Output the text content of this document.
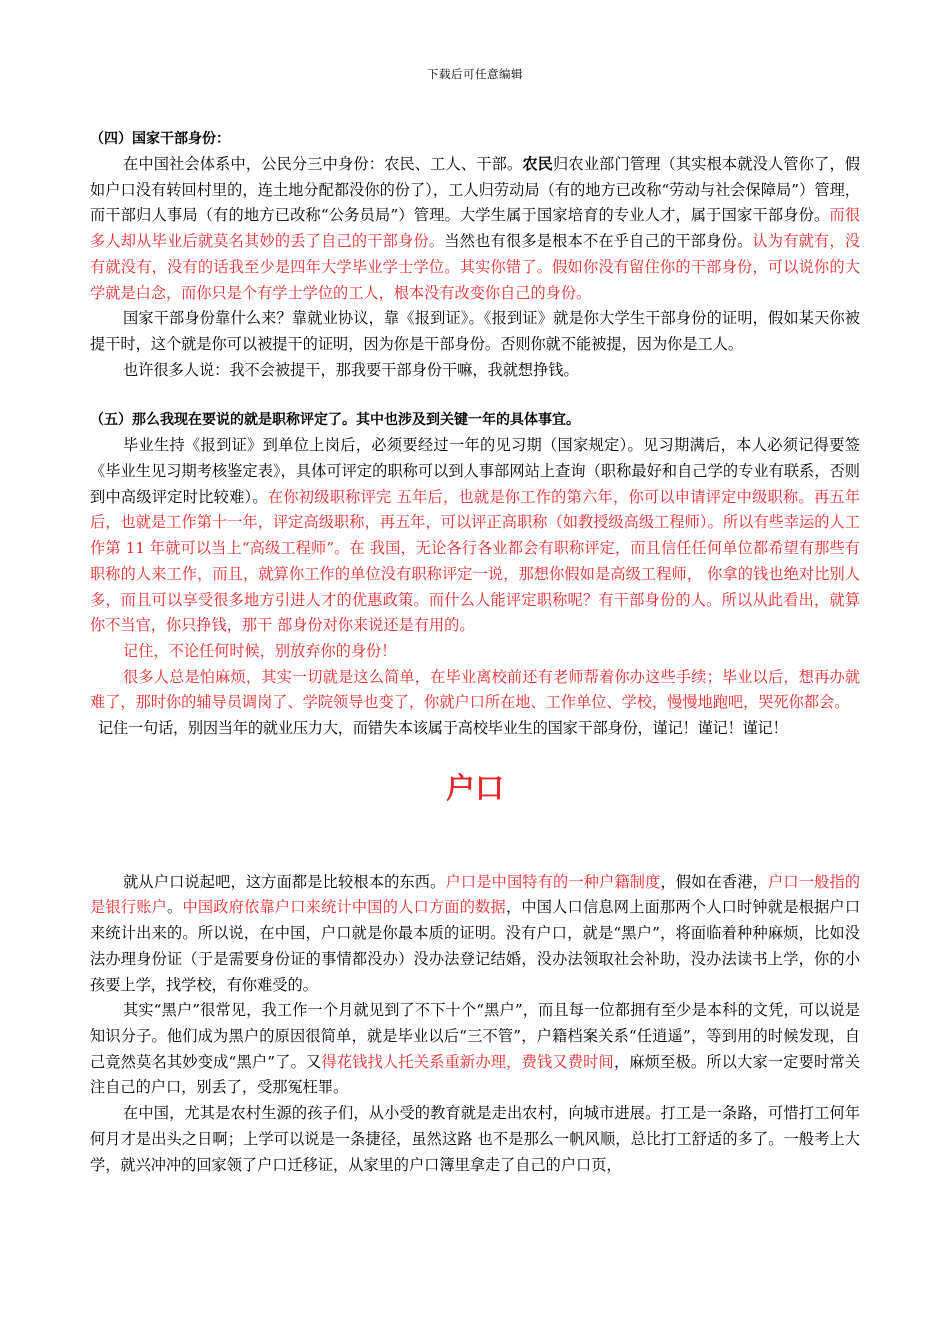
下载后可任意编辑
（四）国家干部身份：

在中国社会体系中，公民分三中身份：农民、工人、干部。农民归农业部门管理（其实根本就没人管你了，假如户口没有转回村里的，连土地分配都没你的份了），工人归劳动局（有的地方已改称“劳动与社会保障局”）管理，而干部归人事局（有的地方已改称“公务员局”）管理。大学生属于国家培育的专业人才，属于国家干部身份。而很多人却从毕业后就莫名其妙的丢了自己的干部身份。当然也有很多是根本不在乎自己的干部身份。认为有就有，没有就没有，没有的话我至少是四年大学毕业学士学位。其实你错了。假如你没有留住你的干部身份，可以说你的大学就是白念，而你只是个有学士学位的工人，根本没有改变你自己的身份。

国家干部身份靠什么来？靠就业协议，靠《报到证》。《报到证》就是你大学生干部身份的证明，假如某天你被提干时，这个就是你可以被提干的证明，因为你是干部身份。否则你就不能被提，因为你是工人。

也许很多人说：我不会被提干，那我要干部身份干嘛，我就想挣钱。

（五）那么我现在要说的就是职称评定了。其中也涉及到关键一年的具体事宜。

毕业生持《报到证》到单位上岗后，必须要经过一年的见习期（国家规定）。见习期满后，本人必须记得要签《毕业生见习期考核鉴定表》，具体可评定的职称可以到人事部网站上查询（职称最好和自己学的专业有联系，否则到中高级评定时比较难）。在你初级职称评完 五年后，也就是你工作的第六年，你可以申请评定中级职称。再五年后，也就是工作第十一年，评定高级职称，再五年，可以评正高职称（如教授级高级工程师）。所以有些幸运的人工作第 11 年就可以当上“高级工程师”。在 我国，无论各行各业都会有职称评定，而且信任任何单位都希望有那些有职称的人来工作，而且，就算你工作的单位没有职称评定一说，那想你假如是高级工程师， 你拿的钱也绝对比别人多，而且可以享受很多地方引进人才的优惠政策。而什么人能评定职称呢？有干部身份的人。所以从此看出，就算你不当官，你只挣钱，那干 部身份对你来说还是有用的。

记住，不论任何时候，别放弃你的身份！

很多人总是怕麻烦，其实一切就是这么简单，在毕业离校前还有老师帮着你办这些手续；毕业以后，想再办就难了，那时你的辅导员调岗了、学院领导也变了，你就户口所在地、工作单位、学校，慢慢地跑吧，哭死你都会。

记住一句话，别因当年的就业压力大，而错失本该属于高校毕业生的国家干部身份，谨记！谨记！谨记！

户口

就从户口说起吧，这方面都是比较根本的东西。户口是中国特有的一种户籍制度，假如在香港，户口一般指的是银行账户。中国政府依靠户口来统计中国的人口方面的数据，中国人口信息网上面那两个人口时钟就是根据户口来统计出来的。所以说，在中国，户口就是你最本质的证明。没有户口，就是“黑户”，将面临着种种麻烦，比如没法办理身份证（于是需要身份证的事情都没办）没办法登记结婚，没办法领取社会补助，没办法读书上学，你的小孩要上学，找学校，有你难受的。

其实“黑户”很常见，我工作一个月就见到了不下十个“黑户”，而且每一位都拥有至少是本科的文凭，可以说是知识分子。他们成为黑户的原因很简单，就是毕业以后“三不管”，户籍档案关系“任逍遥”，等到用的时候发现，自己竟然莫名其妙变成“黑户”了。又得花钱找人托关系重新办理，费钱又费时间，麻烦至极。所以大家一定要时常关注自己的户口，别丢了，受那冤枉罪。

在中国，尤其是农村生源的孩子们，从小受的教育就是走出农村，向城市进展。打工是一条路，可惜打工何年何月才是出头之日啊；上学可以说是一条捷径，虽然这路 也不是那么一帆风顺，总比打工舒适的多了。一般考上大学，就兴冲冲的回家领了户口迁移证，从家里的户口簿里拿走了自己的户口页，
